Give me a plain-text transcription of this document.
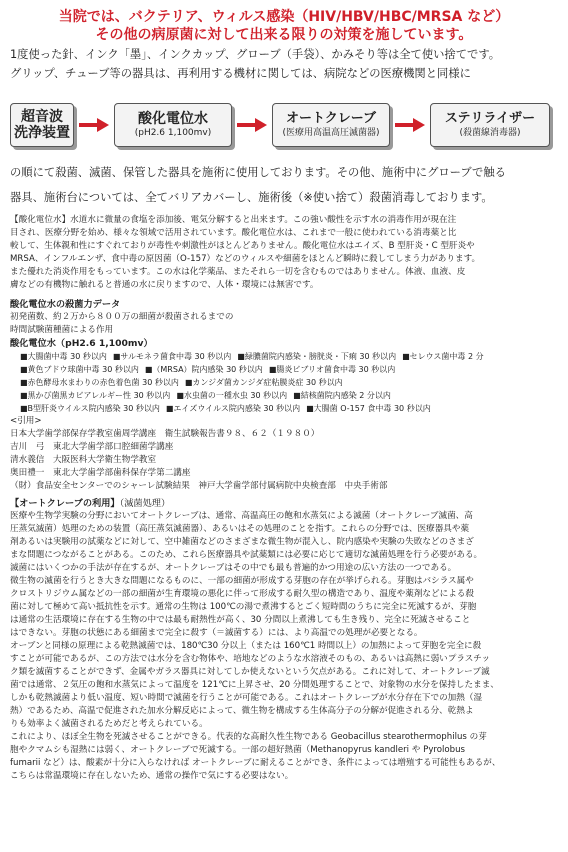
当院では、バクテリア、ウィルス感染（HIV/HBV/HBC/MRSA など）

その他の病原菌に対して出来る限りの対策を施しています。

1度使った針、インク「墨」、インクカップ、グローブ（手袋）、かみそり等は全て使い捨てです。

グリップ、チューブ等の器具は、再利用する機材に関しては、病院などの医療機関と同様に

超音波
洗浄装置
酸化電位水
(pH2.6 1,100mv)
オートクレーブ
(医療用高温高圧滅菌器)
ステリライザー
(殺菌線消毒器)

の順にて殺菌、滅菌、保管した器具を施術に使用しております。その他、施術中にグローブで触る

器具、施術台については、全てバリアカバーし、施術後（※使い捨て）殺菌消毒しております。

【酸化電位水】水道水に微量の食塩を添加後、電気分解すると出来ます。この強い酸性を示す水の消毒作用が現在注

目され、医療分野を始め、様々な領域で活用されています。酸化電位水は、これまで一般に使われている消毒薬と比

較して、生体親和性にすぐれておりが毒性や刺激性がほとんどありません。酸化電位水はエイズ、B 型肝炎・C 型肝炎や

MRSA、インフルエンザ、食中毒の原因菌（O-157）などのウィルスや細菌をほとんど瞬時に殺してしまう力があります。

また優れた消炎作用をもっています。この水は化学薬品、またそれら一切を含むものではありません。体液、血液、皮

膚などの有機物に触れると普通の水に戻りますので、人体・環境には無害です。

酸化電位水の殺菌力データ

初発菌数、約２万から８００万の細菌が殺菌されるまでの

時間試験菌種菌による作用

酸化電位水（pH2.6 1,100mv）

■大腸菌中毒 30 秒以内 ■サルモネラ菌食中毒 30 秒以内 ■緑膿菌院内感染・膀胱炎・下痢 30 秒以内 ■セレウス菌中毒 2 分
■黄色ブドウ球菌中毒 30 秒以内 ■（MRSA）院内感染 30 秒以内 ■腸炎ビブリオ菌食中毒 30 秒以内
■赤色酵母水まわりの赤色着色菌 30 秒以内 ■カンジダ菌カンジダ症粘膜炎症 30 秒以内
■黒かび菌黒カビアレルギー性 30 秒以内 ■水虫菌の一種水虫 30 秒以内 ■結核菌院内感染 2 分以内
■B型肝炎ウイルス院内感染 30 秒以内 ■エイズウイルス院内感染 30 秒以内 ■大腸菌 O-157 食中毒 30 秒以内

<引用>

日本大学歯学部保存学教室歯周学講座　衛生試験報告書９８、６２（１９８０）

吉川　弓　東北大学歯学部口腔細菌学講座

清水義信　大阪医科大学衛生物学教室

奥田禮一　東北大学歯学部歯科保存学第二講座

（財）食品安全センターでのシャーレ試験結果　神戸大学歯学部付属病院中央検査部　中央手術部

【オートクレーブの利用】（滅菌処理）

医療や生物学実験の分野においてオートクレーブは、通常、高温高圧の飽和水蒸気による滅菌（オートクレーブ滅菌、高

圧蒸気滅菌）処理のための装置（高圧蒸気滅菌器）、あるいはその処理のことを指す。これらの分野では、医療器具や薬

剤あるいは実験用の試薬などに対して、空中雑菌などのさまざまな微生物が混入し、院内感染や実験の失敗などのさまざ

まな問題につながることがある。このため、これら医療器具や試薬類には必要に応じて適切な滅菌処理を行う必要がある。

滅菌にはいくつかの手法が存在するが、オートクレーブはその中でも最も普遍的かつ用途の広い方法の一つである。

微生物の滅菌を行うとき大きな問題になるものに、一部の細菌が形成する芽胞の存在が挙げられる。芽胞はバシラス属や

クロストリジウム属などの一部の細菌が生育環境の悪化に伴って形成する耐久型の構造であり、温度や薬剤などによる殺

菌に対して極めて高い抵抗性を示す。通常の生物は 100℃の湯で煮沸するとごく短時間のうちに完全に死滅するが、芽胞

は通常の生活環境に存在する生物の中では最も耐熱性が高く、30 分間以上煮沸しても生き残り、完全に死滅させること

はできない。芽胞の状態にある細菌まで完全に殺す（＝滅菌する）には、より高温での処理が必要となる。

オーブンと同様の原理による乾熱滅菌では、180℃30 分以上（または 160℃1 時間以上）の加熱によって芽胞を完全に殺

すことが可能であるが、この方法では水分を含む物体や、培地などのような水溶液そのもの、あるいは高熱に弱いプラスチッ

ク類を滅菌することができず、金属やガラス器具に対してしか使えないという欠点がある。これに対して、オートクレーブ滅

菌では通常、２気圧の飽和水蒸気によって温度を 121℃に上昇させ、20 分間処理することで、対象物の水分を保持したまま、

しかも乾熱滅菌より低い温度、短い時間で滅菌を行うことが可能である。これはオートクレーブが水分存在下での加熱（湿

熱）であるため、高温で促進された加水分解反応によって、微生物を構成する生体高分子の分解が促進される分、乾熱よ

りも効率よく滅菌されるためだと考えられている。

これにより、ほぼ全生物を死滅させることができる。代表的な高耐久性生物である Geobacillus stearothermophilus の芽

胞やクマムシも湿熱には弱く、オートクレーブで死滅する。一部の超好熱菌（Methanopyrus kandleri や Pyrolobus

fumarii など）は、酸素が十分に入らなければ オートクレーブに耐えることができ、条件によっては増殖する可能性もあるが、

こちらは常温環境に存在しないため、通常の操作で気にする必要はない。
